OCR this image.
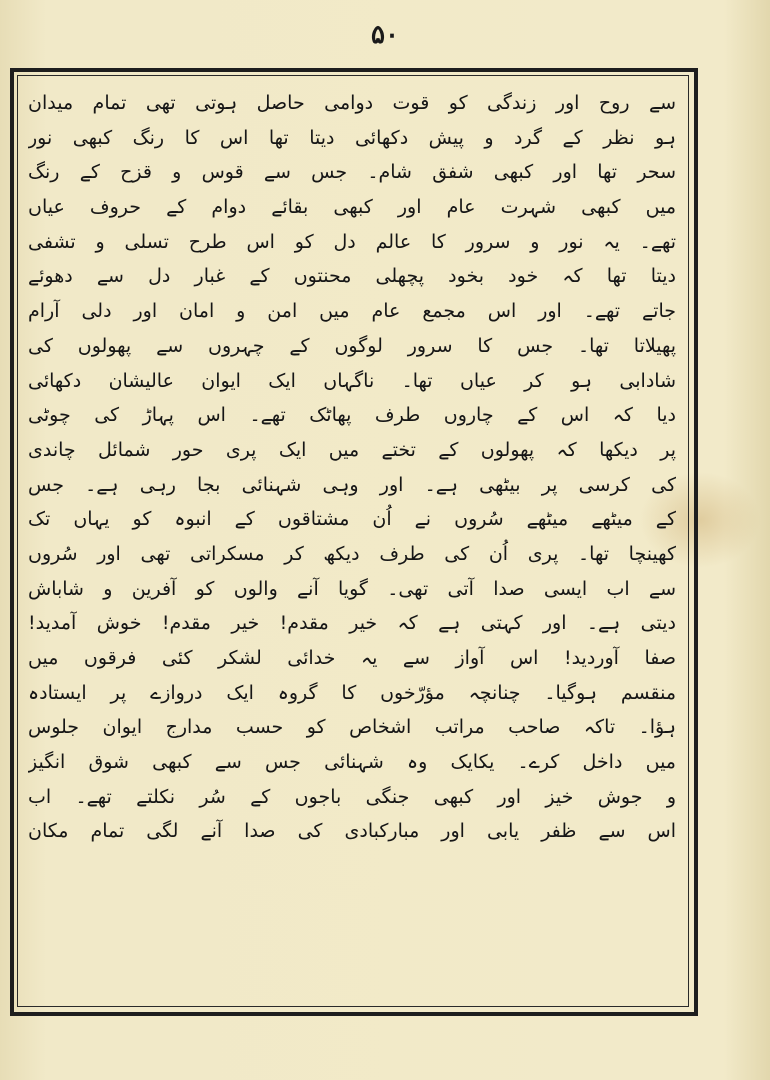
۵۰
سے روح اور زندگی کو قوت دوامی حاصل ہوتی تھی تمام میدان
ہو نظر کے گرد و پیش دکھائی دیتا تھا اس کا رنگ کبھی نور
سحر تھا اور کبھی شفق شام۔ جس سے قوس و قزح کے رنگ
میں کبھی شہرت عام اور کبھی بقائے دوام کے حروف عیاں
تھے۔ یہ نور و سرور کا عالم دل کو اس طرح تسلی و تشفی
دیتا تھا کہ خود بخود پچھلی محنتوں کے غبار دل سے دھوئے
جاتے تھے۔ اور اس مجمع عام میں امن و امان اور دلی آرام
پھیلاتا تھا۔ جس کا سرور لوگوں کے چہروں سے پھولوں کی
شادابی ہو کر عیاں تھا۔ ناگہاں ایک ایوان عالیشان دکھائی
دیا کہ اس کے چاروں طرف پھاٹک تھے۔ اس پہاڑ کی چوٹی
پر دیکھا کہ پھولوں کے تختے میں ایک پری حور شمائل چاندی
کی کرسی پر بیٹھی ہے۔ اور وہی شہنائی بجا رہی ہے۔ جس
کے میٹھے میٹھے سُروں نے اُن مشتاقوں کے انبوہ کو یہاں تک
کھینچا تھا۔ پری اُن کی طرف دیکھ کر مسکراتی تھی اور سُروں
سے اب ایسی صدا آتی تھی۔ گویا آنے والوں کو آفرین و شاباش
دیتی ہے۔ اور کہتی ہے کہ خیر مقدم! خیر مقدم! خوش آمدید!
صفا آوردید! اس آواز سے یہ خدائی لشکر کئی فرقوں میں
منقسم ہوگیا۔ چنانچہ مؤرّخوں کا گروہ ایک دروازے پر ایستادہ
ہؤا۔ تاکہ صاحب مراتب اشخاص کو حسب مدارج ایوان جلوس
میں داخل کرے۔ یکایک وہ شہنائی جس سے کبھی شوق انگیز
و جوش خیز اور کبھی جنگی باجوں کے سُر نکلتے تھے۔ اب
اس سے ظفر یابی اور مبارکبادی کی صدا آنے لگی تمام مکان
